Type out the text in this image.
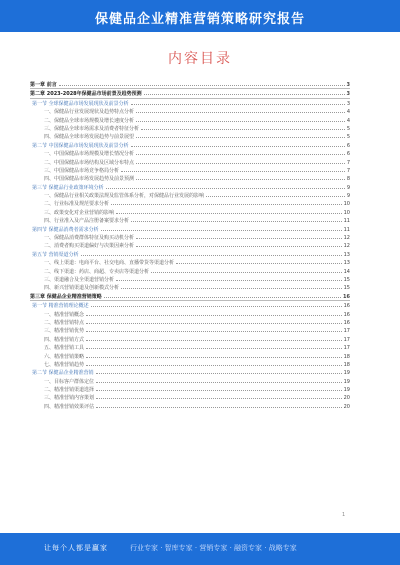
保健品企业精准营销策略研究报告
内容目录
第一章 前言	3
第二章 2023-2028年保健品市场前景及趋势预测	3
第一节 全球保健品市场发展现状及前景分析	3
一、保健品行业发展现状及趋势特点分析	4
二、保健品全球市场规模及增长速度分析	4
三、保健品全球市场需求及消费者特征分析	5
四、保健品全球市场发展趋势与前景展望	5
第二节 中国保健品市场发展现状及前景分析	6
一、中国保健品市场规模及增长情况分析	6
二、中国保健品市场结构及区域分布特点	7
三、中国保健品市场竞争格局分析	7
四、中国保健品市场发展趋势及前景预测	8
第三节 保健品行业政策环境分析	9
一、保健品行业相关政策法规及监管体系分析，对保健品行业发展的影响	9
二、行业标准及规范要求分析	10
三、政策变化对企业营销的影响	10
四、行业准入及产品注册备案要求分析	11
第四节 保健品消费者需求分析	11
一、保健品消费群体特征及购买动机分析	12
二、消费者购买渠道偏好与决策因素分析	12
第五节 营销渠道分析	13
一、线上渠道：电商平台、社交电商、直播带货等渠道分析	13
二、线下渠道：药店、商超、专卖店等渠道分析	14
三、渠道融合及全渠道营销分析	15
四、新兴营销渠道及创新模式分析	15
第三章 保健品企业精准营销策略	16
第一节 精准营销理论概述	16
一、精准营销概念	16
二、精准营销特点	16
三、精准营销优势	17
四、精准营销方式	17
五、精准营销工具	17
六、精准营销策略	18
七、精准营销趋势	18
第二节 保健品企业精准营销	19
一、目标客户群体定位	19
二、精准营销渠道选择	19
三、精准营销内容策划	20
四、精准营销效果评估	20
1
让每个人都是赢家	行业专家 · 智库专家 · 营销专家 · 融资专家 · 战略专家
